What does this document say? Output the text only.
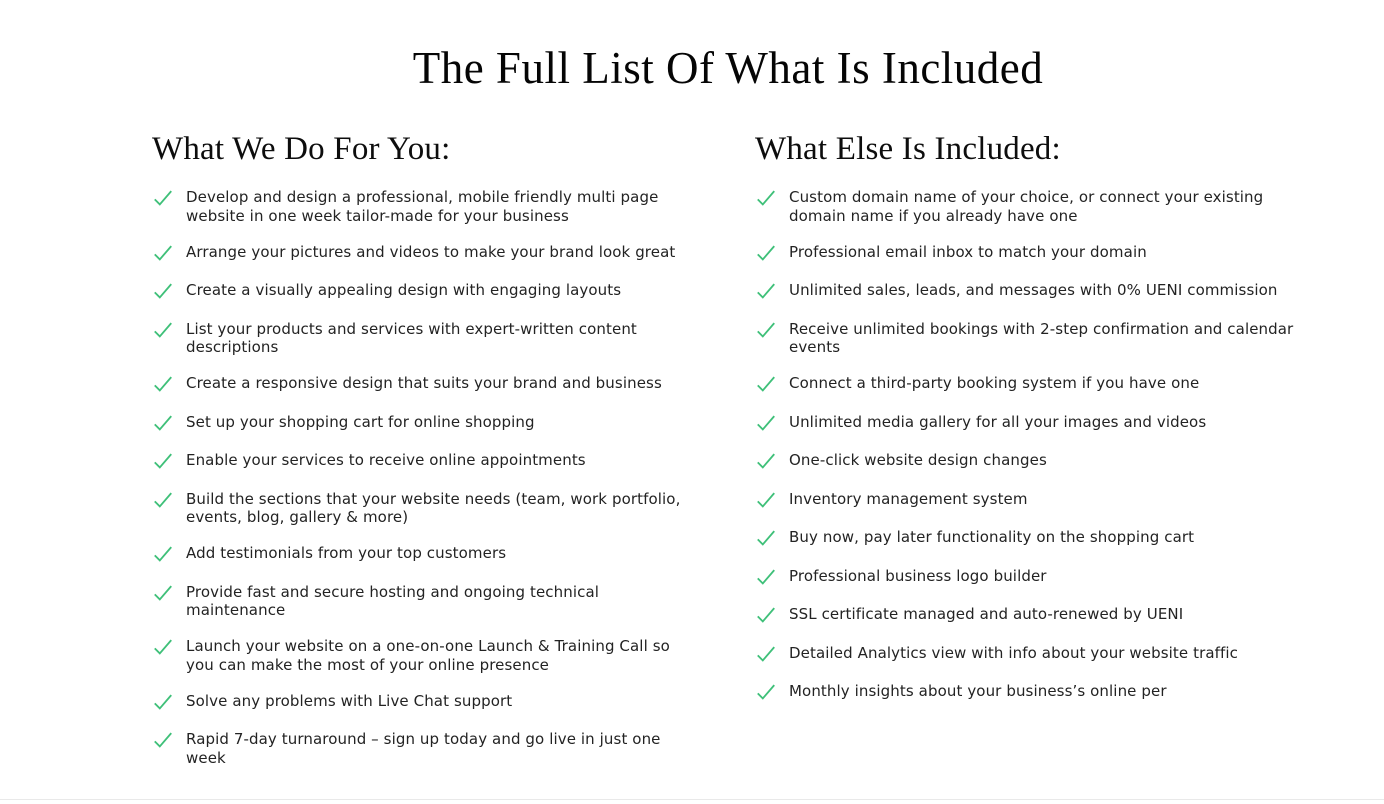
The Full List Of What Is Included
What We Do For You:
Develop and design a professional, mobile friendly multi page website in one week tailor-made for your business
Arrange your pictures and videos to make your brand look great
Create a visually appealing design with engaging layouts
List your products and services with expert-written content descriptions
Create a responsive design that suits your brand and business
Set up your shopping cart for online shopping
Enable your services to receive online appointments
Build the sections that your website needs (team, work portfolio, events, blog, gallery & more)
Add testimonials from your top customers
Provide fast and secure hosting and ongoing technical maintenance
Launch your website on a one-on-one Launch & Training Call so you can make the most of your online presence
Solve any problems with Live Chat support
Rapid 7-day turnaround – sign up today and go live in just one week
What Else Is Included:
Custom domain name of your choice, or connect your existing domain name if you already have one
Professional email inbox to match your domain
Unlimited sales, leads, and messages with 0% UENI commission
Receive unlimited bookings with 2-step confirmation and calendar events
Connect a third-party booking system if you have one
Unlimited media gallery for all your images and videos
One-click website design changes
Inventory management system
Buy now, pay later functionality on the shopping cart
Professional business logo builder
SSL certificate managed and auto-renewed by UENI
Detailed Analytics view with info about your website traffic
Monthly insights about your business’s online per
